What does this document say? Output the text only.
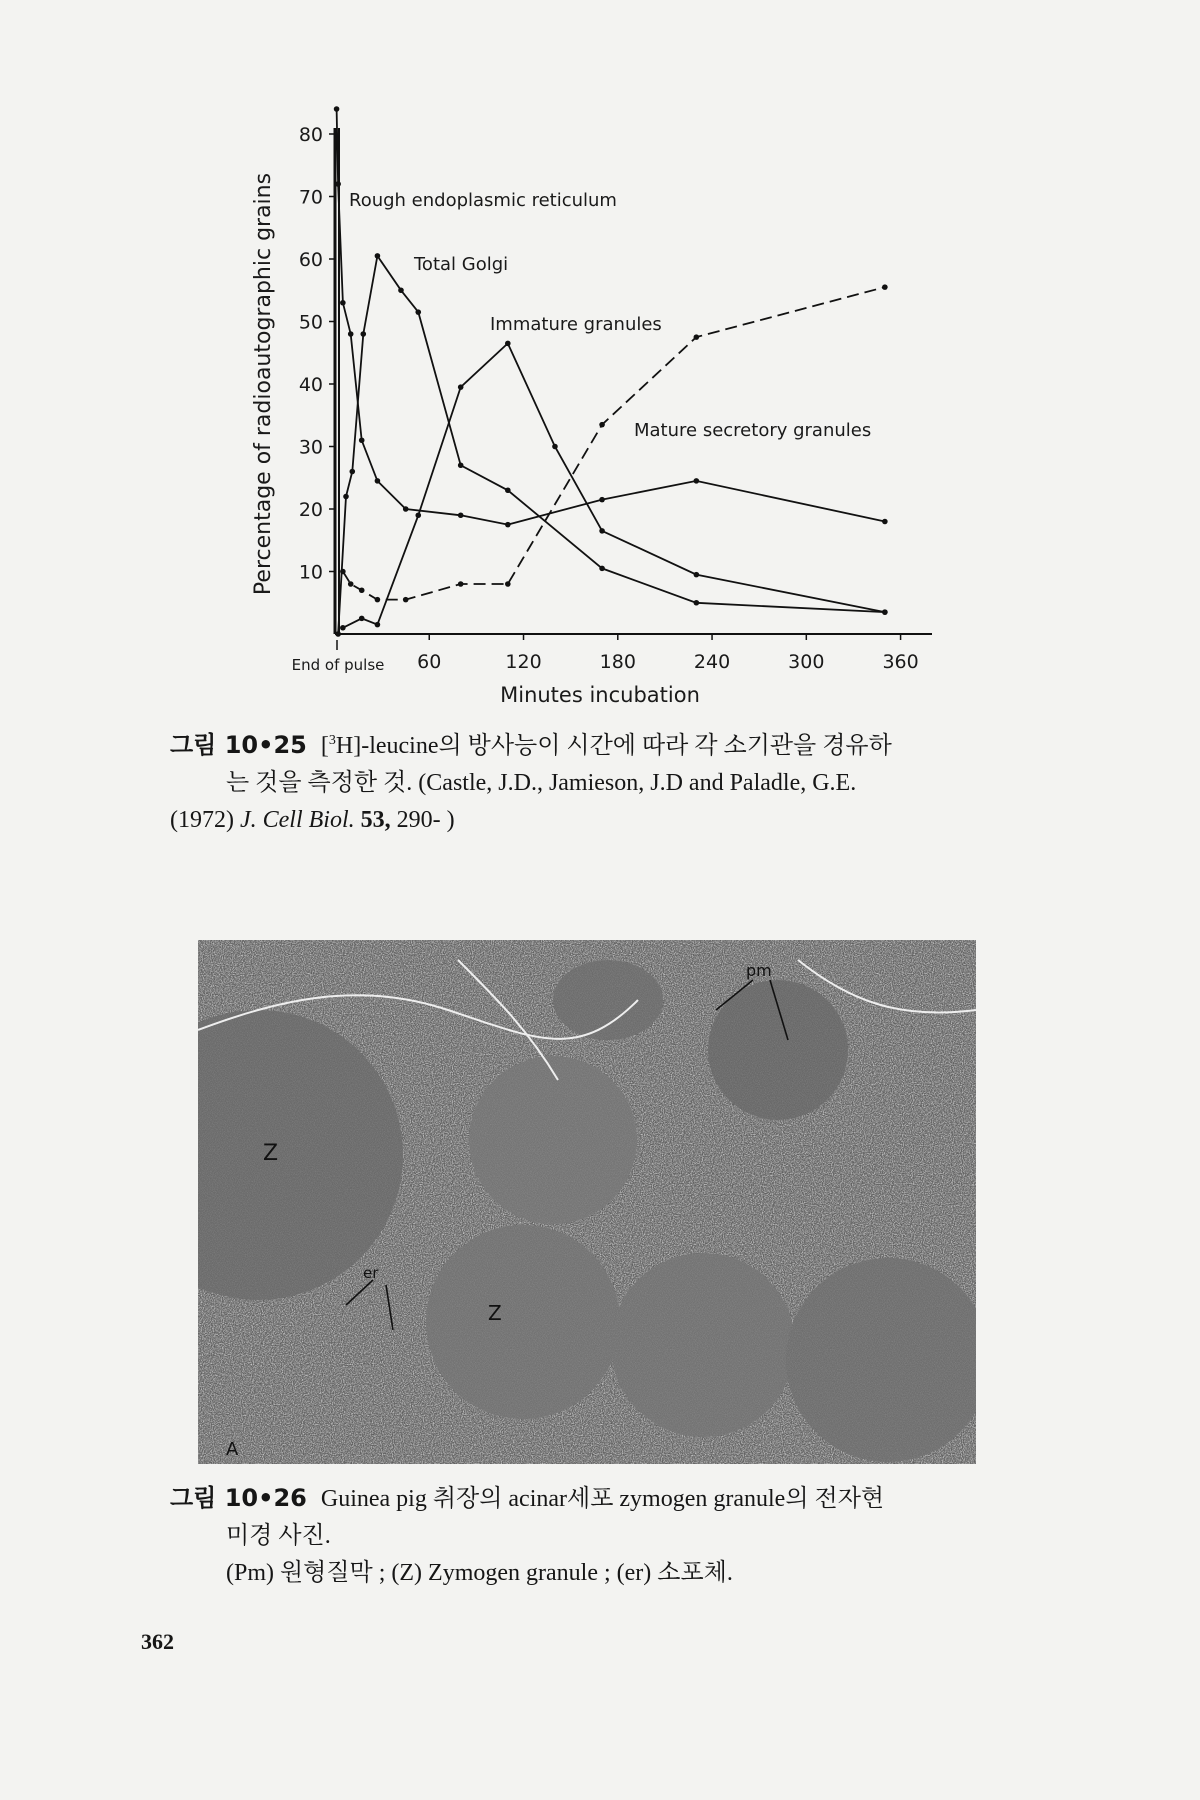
10
20
30
40
50
60
70
80
60	120	180	240	300	360
End of pulse
Minutes incubation
Percentage of radioautographic grains	Rough endoplasmic reticulum
Total Golgi
Immature granules
Mature secretory granules
그림 10•25 [$^3$H]-leucine의 방사능이 시간에 따라 각 소기관을 경유하
는 것을 측정한 것. (Castle, J.D., Jamieson, J.D and Paladle, G.E.
(1972) J. Cell Biol. 53, 290- )
Z
Z
pm
er
A
그림 10•26 Guinea pig 취장의 acinar세포 zymogen granule의 전자현
미경 사진.
(Pm) 원형질막 ; (Z) Zymogen granule ; (er) 소포체.
362
